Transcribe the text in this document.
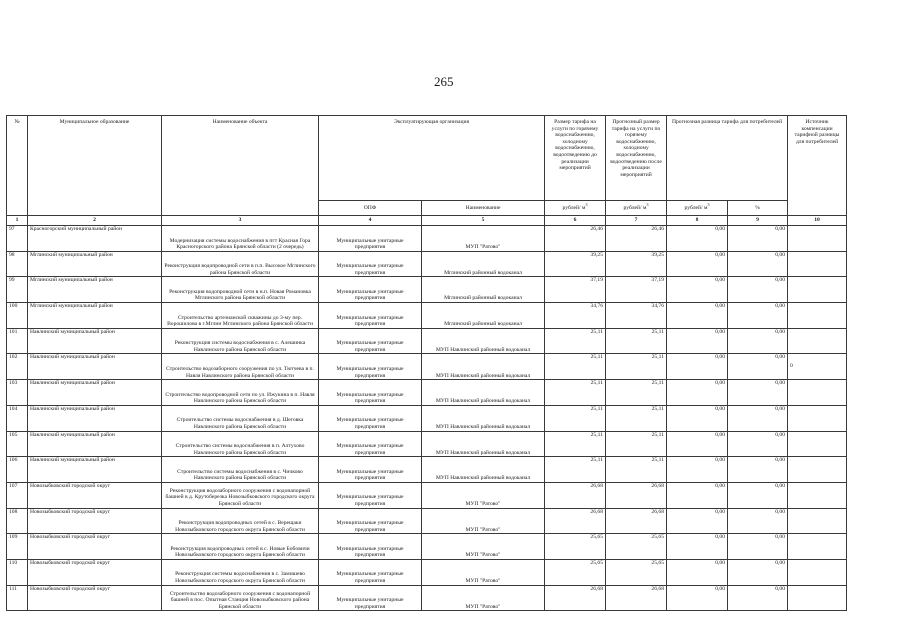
265
№	Муниципальное образование	Наименование объекта	Эксплуатирующая организация		Размер тарифа на услуги по горячему водоснабжению, холодному водоснабжению, водоотведению до реализации мероприятий	Прогнозный размер тарифа на услуги по горячему водоснабжению, холодному водоснабжению, водоотведению после реализации мероприятий	Прогнозная разница тарифа для потребителей		Источник компенсации тарифной разницы для потребителей
			ОПФ	Наименование	рублей/ $м^3$	рублей/ $м^3$	рублей/ $м^3$	%	
1	2	3	4	5	6	7	8	9	10
97	Красногорский муниципальный район	Модернизация системы водоснабжения в пгт Красная Гора Красногорского района Брянской области (2 очередь)	Муниципальные унитарные предприятия	МУП "Ратово"	26,46	26,46	0,00	0,00	
98	Мглинский муниципальный район	Реконструкция водопроводной сети в п.п. Высокое Мглинского района Брянской области	Муниципальные унитарные предприятия	Мглинский районный водоканал	39,25	39,25	0,00	0,00	
99	Мглинский муниципальный район	Реконструкция водопроводной сети в н.п. Новая Романовка Мглинского района Брянской области	Муниципальные унитарные предприятия	Мглинский районный водоканал	37,19	37,19	0,00	0,00	
100	Мглинский муниципальный район	Строительство артезианской скважины до 3-му пер. Ворошилова в г.Мглин Мглинского района Брянской области	Муниципальные унитарные предприятия	Мглинский районный водоканал	34,76	34,76	0,00	0,00	
101	Навлинский муниципальный район	Реконструкция системы водоснабжения в с. Алешинка Навлинского района Брянской области	Муниципальные унитарные предприятия	МУП Навлинский районный водоканал	25,11	25,11	0,00	0,00	
102	Навлинский муниципальный район	Строительство водозаборного сооружения по ул. Тютчева в п. Навля Навлинского района Брянской области	Муниципальные унитарные предприятия	МУП Навлинский районный водоканал	25,11	25,11	0,00	0,00	0
103	Навлинский муниципальный район	Строительство водопроводной сети по ул. Ижукина в п. Навля Навлинского района Брянской области	Муниципальные унитарные предприятия	МУП Навлинский районный водоканал	25,11	25,11	0,00	0,00	
104	Навлинский муниципальный район	Строительство системы водоснабжения в д. Шеговка Навлинского района Брянской области	Муниципальные унитарные предприятия	МУП Навлинский районный водоканал	25,11	25,11	0,00	0,00	
105	Навлинский муниципальный район	Строительство системы водоснабжения в п. Алтухово Навлинского района Брянской области	Муниципальные унитарные предприятия	МУП Навлинский районный водоканал	25,11	25,11	0,00	0,00	
106	Навлинский муниципальный район	Строительство системы водоснабжения в с. Чичково Навлинского района Брянской области	Муниципальные унитарные предприятия	МУП Навлинский районный водоканал	25,11	25,11	0,00	0,00	
107	Новозыбковский городской округ	Реконструкция водозаборного сооружения с водонапорной башней в д. Крутоберезка Новозыбковского городского округа Брянской области	Муниципальные унитарные предприятия	МУП "Ратово"	26,68	26,68	0,00	0,00	
108	Новозыбковский городской округ	Реконструкция водопроводных сетей в с. Верещаки Новозыбковского городского округа Брянской области	Муниципальные унитарные предприятия	МУП "Ратово"	26,68	26,68	0,00	0,00	
109	Новозыбковский городской округ	Реконструкция водопроводных сетей в с. Новые Бобовичи Новозыбковского городского округа Брянской области	Муниципальные унитарные предприятия	МУП "Ратово"	25,65	25,65	0,00	0,00	
110	Новозыбковский городской округ	Реконструкция системы водоснабжения в с. Замишево Новозыбковского городского округа Брянской области	Муниципальные унитарные предприятия	МУП "Ратово"	25,65	25,65	0,00	0,00	
111	Новозыбковский городской округ	Строительство водозаборного сооружения с водонапорной башней в пос. Опытная Станция Новозыбковского района Брянской области	Муниципальные унитарные предприятия	МУП "Ратово"	26,68	26,68	0,00	0,00	
